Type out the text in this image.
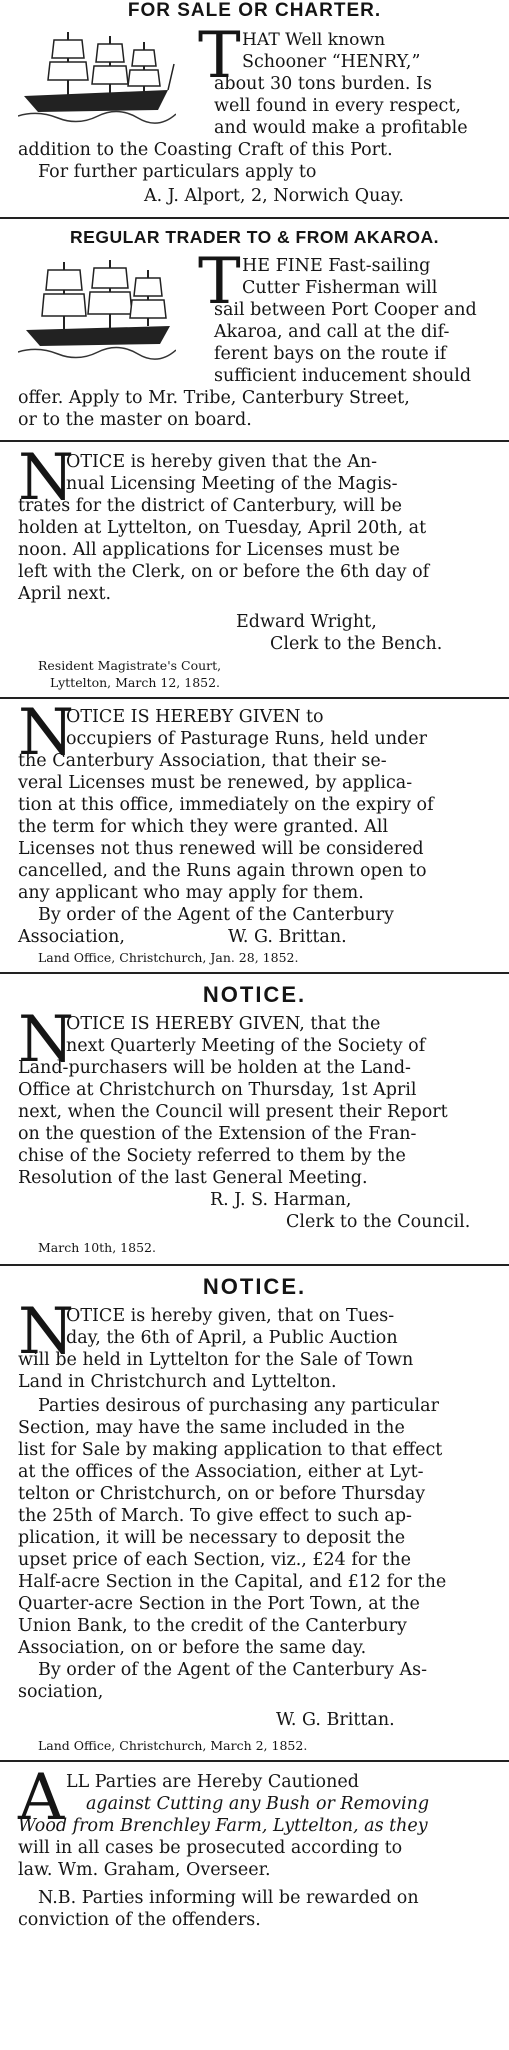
FOR SALE OR CHARTER.
T HAT Well known
Schooner “HENRY,”
about 30 tons burden. Is
well found in every respect,
and would make a profitable
addition to the Coasting Craft of this Port.
For further particulars apply to
A. J. Alport, 2, Norwich Quay.
REGULAR TRADER TO & FROM AKAROA.
T HE FINE Fast-sailing
Cutter Fisherman will
sail between Port Cooper and
Akaroa, and call at the dif-
ferent bays on the route if
sufficient inducement should
offer. Apply to Mr. Tribe, Canterbury Street,
or to the master on board.
N
OTICE is hereby given that the An-
nual Licensing Meeting of the Magis-
trates for the district of Canterbury, will be
holden at Lyttelton, on Tuesday, April 20th, at
noon. All applications for Licenses must be
left with the Clerk, on or before the 6th day of
April next.
Edward Wright,
Clerk to the Bench.
Resident Magistrate's Court,
Lyttelton, March 12, 1852.
N
OTICE IS HEREBY GIVEN to
occupiers of Pasturage Runs, held under
the Canterbury Association, that their se-
veral Licenses must be renewed, by applica-
tion at this office, immediately on the expiry of
the term for which they were granted. All
Licenses not thus renewed will be considered
cancelled, and the Runs again thrown open to
any applicant who may apply for them.
By order of the Agent of the Canterbury
Association,	W. G. Brittan.
Land Office, Christchurch, Jan. 28, 1852.
NOTICE.
N
OTICE IS HEREBY GIVEN, that the
next Quarterly Meeting of the Society of
Land-purchasers will be holden at the Land-
Office at Christchurch on Thursday, 1st April
next, when the Council will present their Report
on the question of the Extension of the Fran-
chise of the Society referred to them by the
Resolution of the last General Meeting.
R. J. S. Harman,
Clerk to the Council.
March 10th, 1852.
NOTICE.
N
OTICE is hereby given, that on Tues-
day, the 6th of April, a Public Auction
will be held in Lyttelton for the Sale of Town
Land in Christchurch and Lyttelton.
Parties desirous of purchasing any particular
Section, may have the same included in the
list for Sale by making application to that effect
at the offices of the Association, either at Lyt-
telton or Christchurch, on or before Thursday
the 25th of March. To give effect to such ap-
plication, it will be necessary to deposit the
upset price of each Section, viz., £24 for the
Half-acre Section in the Capital, and £12 for the
Quarter-acre Section in the Port Town, at the
Union Bank, to the credit of the Canterbury
Association, on or before the same day.
By order of the Agent of the Canterbury As-
sociation,
W. G. Brittan.
Land Office, Christchurch, March 2, 1852.
A LL Parties are Hereby Cautioned
against Cutting any Bush or Removing
Wood from Brenchley Farm, Lyttelton, as they
will in all cases be prosecuted according to
law. Wm. Graham, Overseer.
N.B. Parties informing will be rewarded on
conviction of the offenders.
